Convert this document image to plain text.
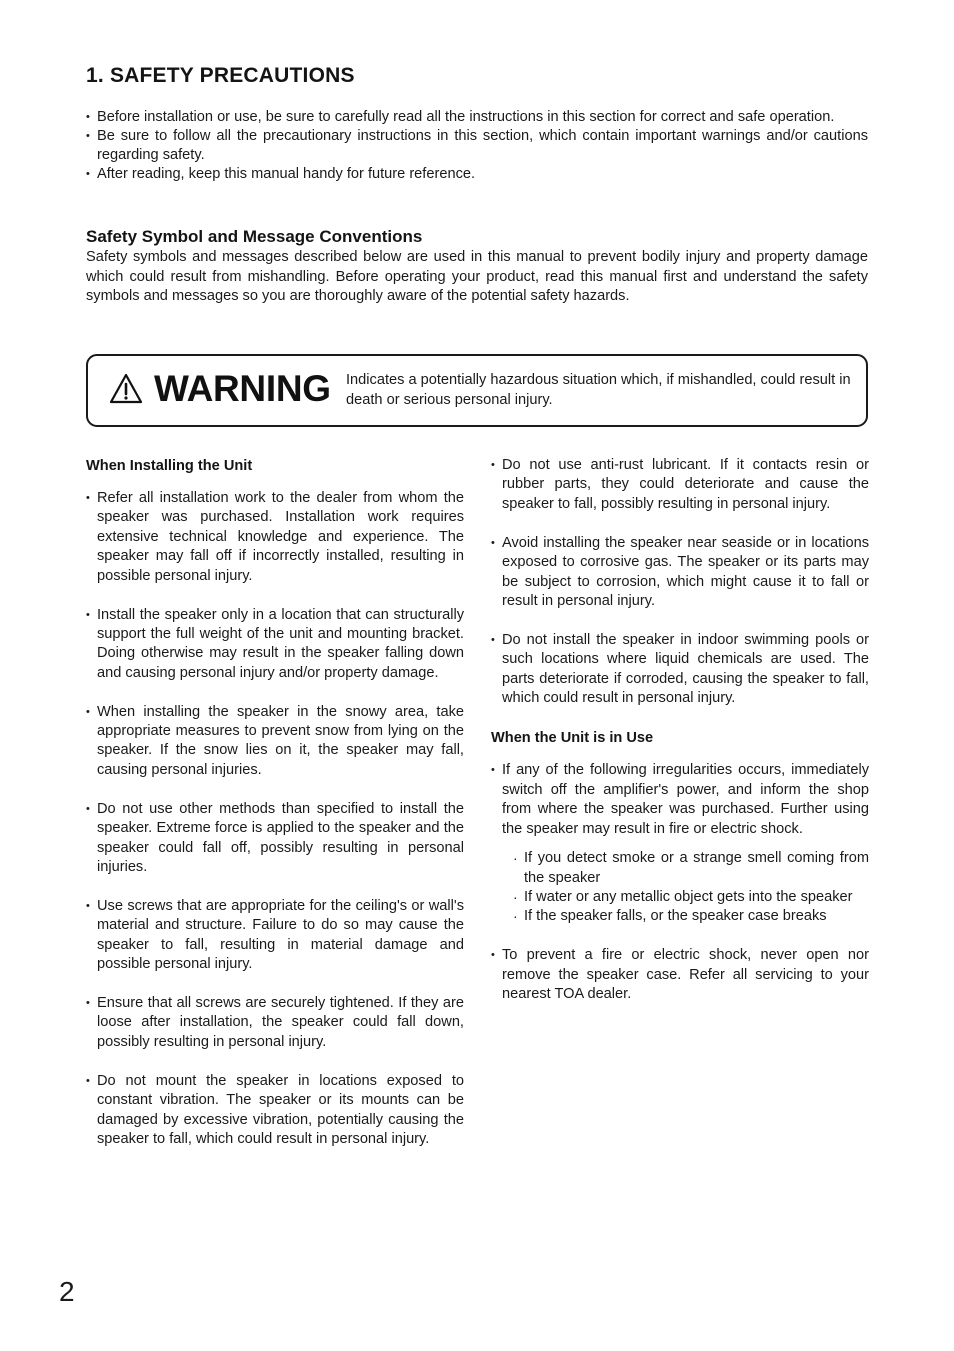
1. SAFETY PRECAUTIONS
• Before installation or use, be sure to carefully read all the instructions in this section for correct and safe operation.
• Be sure to follow all the precautionary instructions in this section, which contain important warnings and/or cautions regarding safety.
• After reading, keep this manual handy for future reference.
Safety Symbol and Message Conventions

Safety symbols and messages described below are used in this manual to prevent bodily injury and property damage which could result from mishandling. Before operating your product, read this manual first and understand the safety symbols and messages so you are thoroughly aware of the potential safety hazards.

WARNING Indicates a potentially hazardous situation which, if mishandled, could result in death or serious personal injury.
When Installing the Unit
• Refer all installation work to the dealer from whom the speaker was purchased. Installation work requires extensive technical knowledge and experience. The speaker may fall off if incorrectly installed, resulting in possible personal injury.
• Install the speaker only in a location that can structurally support the full weight of the unit and mounting bracket. Doing otherwise may result in the speaker falling down and causing personal injury and/or property damage.
• When installing the speaker in the snowy area, take appropriate measures to prevent snow from lying on the speaker. If the snow lies on it, the speaker may fall, causing personal injuries.
• Do not use other methods than specified to install the speaker. Extreme force is applied to the speaker and the speaker could fall off, possibly resulting in personal injuries.
• Use screws that are appropriate for the ceiling's or wall's material and structure. Failure to do so may cause the speaker to fall, resulting in material damage and possible personal injury.
• Ensure that all screws are securely tightened. If they are loose after installation, the speaker could fall down, possibly resulting in personal injury.
• Do not mount the speaker in locations exposed to constant vibration. The speaker or its mounts can be damaged by excessive vibration, potentially causing the speaker to fall, which could result in personal injury.
• Do not use anti-rust lubricant. If it contacts resin or rubber parts, they could deteriorate and cause the speaker to fall, possibly resulting in personal injury.
• Avoid installing the speaker near seaside or in locations exposed to corrosive gas. The speaker or its parts may be subject to corrosion, which might cause it to fall or result in personal injury.
• Do not install the speaker in indoor swimming pools or such locations where liquid chemicals are used. The parts deteriorate if corroded, causing the speaker to fall, which could result in personal injury.
When the Unit is in Use
• If any of the following irregularities occurs, immediately switch off the amplifier's power, and inform the shop from where the speaker was purchased. Further using the speaker may result in fire or electric shock.
· If you detect smoke or a strange smell coming from the speaker
· If water or any metallic object gets into the speaker
· If the speaker falls, or the speaker case breaks
• To prevent a fire or electric shock, never open nor remove the speaker case. Refer all servicing to your nearest TOA dealer.
2
